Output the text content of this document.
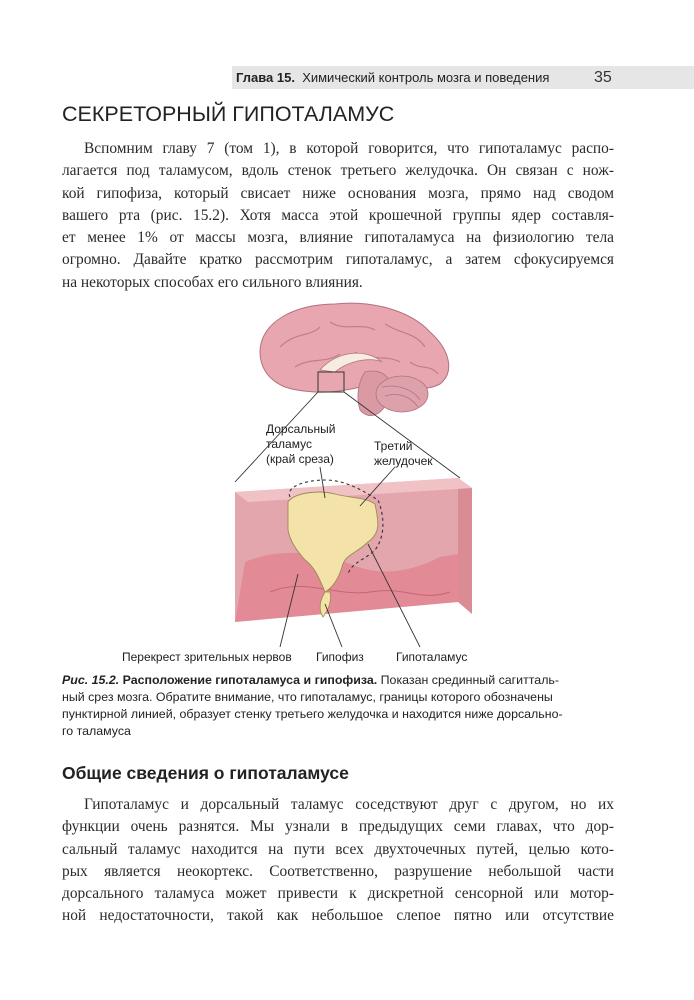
Глава 15. Химический контроль мозга и поведения	35
СЕКРЕТОРНЫЙ ГИПОТАЛАМУС
Вспомним главу 7 (том 1), в которой говорится, что гипоталамус распо-
лагается под таламусом, вдоль стенок третьего желудочка. Он связан с нож-
кой гипофиза, который свисает ниже основания мозга, прямо над сводом
вашего рта (рис. 15.2). Хотя масса этой крошечной группы ядер составля-
ет менее 1% от массы мозга, влияние гипоталамуса на физиологию тела
огромно. Давайте кратко рассмотрим гипоталамус, а затем сфокусируемся
на некоторых способах его сильного влияния.
Дорсальный
таламус
(край среза)
Третий
желудочек
Перекрест зрительных нервов Гипофиз	Гипоталамус
Рис. 15.2. Расположение гипоталамуса и гипофиза. Показан срединный сагитталь-
ный срез мозга. Обратите внимание, что гипоталамус, границы которого обозначены
пунктирной линией, образует стенку третьего желудочка и находится ниже дорсально-
го таламуса
Общие сведения о гипоталамусе
Гипоталамус и дорсальный таламус соседствуют друг с другом, но их
функции очень разнятся. Мы узнали в предыдущих семи главах, что дор-
сальный таламус находится на пути всех двухточечных путей, целью кото-
рых является неокортекс. Соответственно, разрушение небольшой части
дорсального таламуса может привести к дискретной сенсорной или мотор-
ной недостаточности, такой как небольшое слепое пятно или отсутствие
